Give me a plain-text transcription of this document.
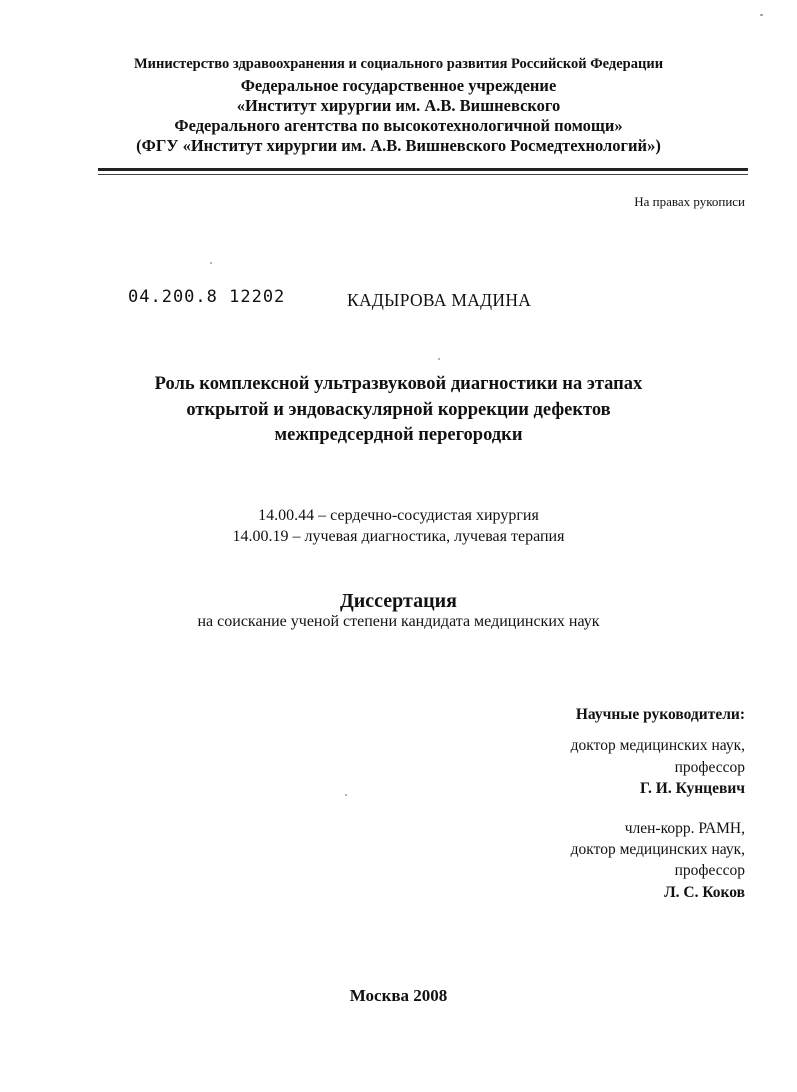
Министерство здравоохранения и социального развития Российской Федерации
Федеральное государственное учреждение
«Институт хирургии им. А.В. Вишневского
Федерального агентства по высокотехнологичной помощи»
(ФГУ «Институт хирургии им. А.В. Вишневского Росмедтехнологий»)
На правах рукописи
04.200.8 12202	КАДЫРОВА МАДИНА
Роль комплексной ультразвуковой диагностики на этапах
открытой и эндоваскулярной коррекции дефектов
межпредсердной перегородки
14.00.44 – сердечно-сосудистая хирургия
14.00.19 – лучевая диагностика, лучевая терапия
Диссертация
на соискание ученой степени кандидата медицинских наук
Научные руководители:
доктор медицинских наук,
профессор
Г. И. Кунцевич
член-корр. РАМН,
доктор медицинских наук,
профессор
Л. С. Коков
Москва 2008
